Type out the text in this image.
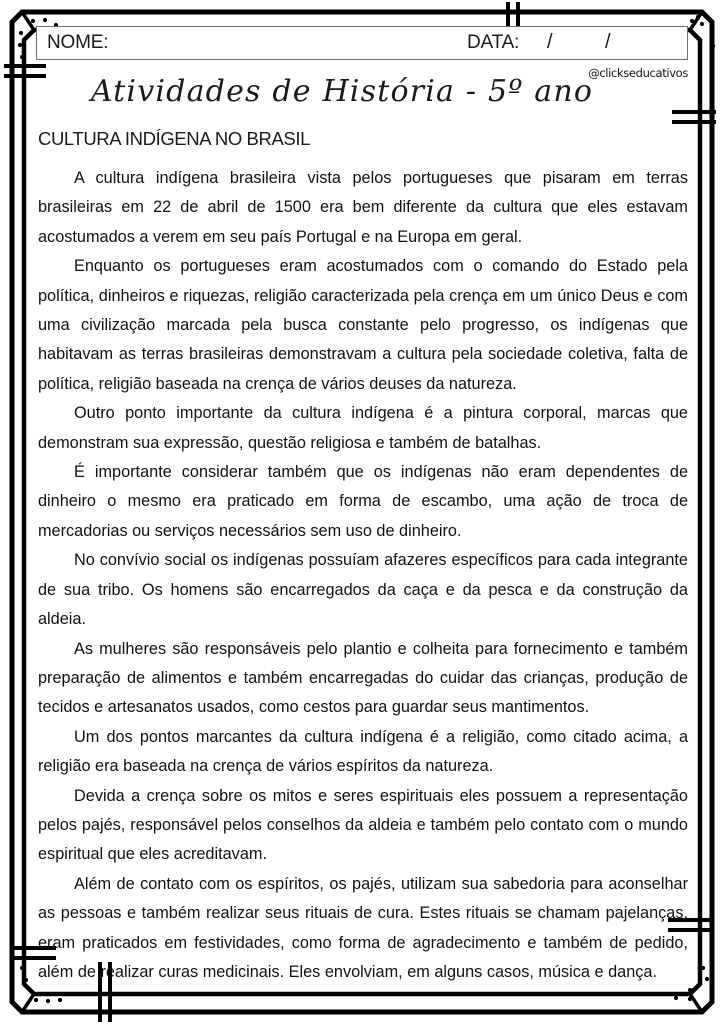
NOME:	DATA: /	/
@clickseducativos
Atividades de História - 5º ano
CULTURA INDÍGENA NO BRASIL

A cultura indígena brasileira vista pelos portugueses que pisaram em terras brasileiras em 22 de abril de 1500 era bem diferente da cultura que eles estavam acostumados a verem em seu país Portugal e na Europa em geral.

Enquanto os portugueses eram acostumados com o comando do Estado pela política, dinheiros e riquezas, religião caracterizada pela crença em um único Deus e com uma civilização marcada pela busca constante pelo progresso, os indígenas que habitavam as terras brasileiras demonstravam a cultura pela sociedade coletiva, falta de política, religião baseada na crença de vários deuses da natureza.

Outro ponto importante da cultura indígena é a pintura corporal, marcas que demonstram sua expressão, questão religiosa e também de batalhas.

É importante considerar também que os indígenas não eram dependentes de dinheiro o mesmo era praticado em forma de escambo, uma ação de troca de mercadorias ou serviços necessários sem uso de dinheiro.

No convívio social os indígenas possuíam afazeres específicos para cada integrante de sua tribo. Os homens são encarregados da caça e da pesca e da construção da aldeia.

As mulheres são responsáveis pelo plantio e colheita para fornecimento e também preparação de alimentos e também encarregadas do cuidar das crianças, produção de tecidos e artesanatos usados, como cestos para guardar seus mantimentos.

Um dos pontos marcantes da cultura indígena é a religião, como citado acima, a religião era baseada na crença de vários espíritos da natureza.

Devida a crença sobre os mitos e seres espirituais eles possuem a representação pelos pajés, responsável pelos conselhos da aldeia e também pelo contato com o mundo espiritual que eles acreditavam.

Além de contato com os espíritos, os pajés, utilizam sua sabedoria para aconselhar as pessoas e também realizar seus rituais de cura. Estes rituais se chamam pajelanças, eram praticados em festividades, como forma de agradecimento e também de pedido, além de realizar curas medicinais. Eles envolviam, em alguns casos, música e dança.
